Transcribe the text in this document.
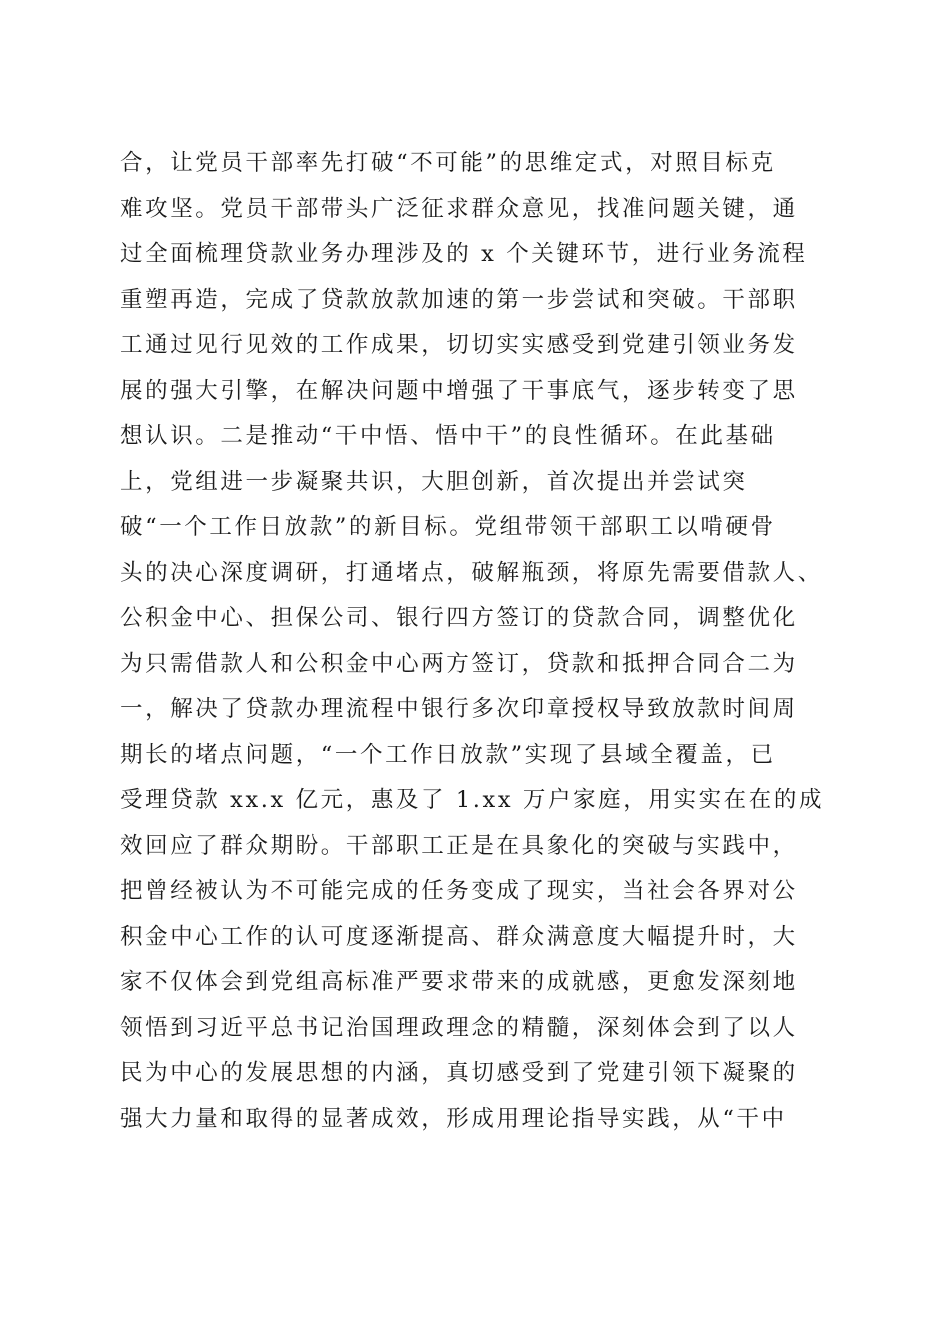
合，让党员干部率先打破“不可能”的思维定式，对照目标克
难攻坚。党员干部带头广泛征求群众意见，找准问题关键，通
过全面梳理贷款业务办理涉及的 x 个关键环节，进行业务流程
重塑再造，完成了贷款放款加速的第一步尝试和突破。干部职
工通过见行见效的工作成果，切切实实感受到党建引领业务发
展的强大引擎，在解决问题中增强了干事底气，逐步转变了思
想认识。二是推动“干中悟、悟中干”的良性循环。在此基础
上，党组进一步凝聚共识，大胆创新，首次提出并尝试突
破“一个工作日放款”的新目标。党组带领干部职工以啃硬骨
头的决心深度调研，打通堵点，破解瓶颈，将原先需要借款人、
公积金中心、担保公司、银行四方签订的贷款合同，调整优化
为只需借款人和公积金中心两方签订，贷款和抵押合同合二为
一，解决了贷款办理流程中银行多次印章授权导致放款时间周
期长的堵点问题，“一个工作日放款”实现了县域全覆盖，已
受理贷款 xx.x 亿元，惠及了 1.xx 万户家庭，用实实在在的成
效回应了群众期盼。干部职工正是在具象化的突破与实践中，
把曾经被认为不可能完成的任务变成了现实，当社会各界对公
积金中心工作的认可度逐渐提高、群众满意度大幅提升时，大
家不仅体会到党组高标准严要求带来的成就感，更愈发深刻地
领悟到习近平总书记治国理政理念的精髓，深刻体会到了以人
民为中心的发展思想的内涵，真切感受到了党建引领下凝聚的
强大力量和取得的显著成效，形成用理论指导实践，从“干中
